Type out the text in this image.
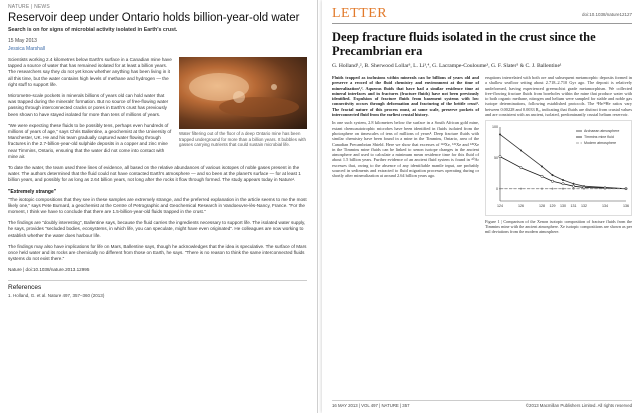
NATURE | NEWS
Reservoir deep under Ontario holds billion-year-old water
Search is on for signs of microbial activity isolated in Earth's crust.
15 May 2013
Jessica Marshall
Water filtering out of the floor of a deep Ontario mine has been trapped underground for more than a billion years. It bubbles with gasses carrying nutrients that could sustain microbial life.

Scientists working 2.4 kilometres below Earth's surface in a Canadian mine have tapped a source of water that has remained isolated for at least a billion years. The researchers say they do not yet know whether anything has been living in it all this time, but the water contains high levels of methane and hydrogen — the right stuff to support life.

Micrometre-scale pockets in minerals billions of years old can hold water that was trapped during the minerals' formation. But no source of free-flowing water passing through interconnected cracks or pores in Earth's crust has previously been shown to have stayed isolated for more than tens of millions of years.

"We were expecting these fluids to be possibly tens, perhaps even hundreds of millions of years of age," says Chris Ballentine, a geochemist at the University of Manchester, UK. He and his team gradually captured water flowing through fractures in the 2.7-billion-year-old sulphide deposits in a copper and zinc mine near Timmins, Ontario, ensuring that the water did not come into contact with mine air.

To date the water, the team used three lines of evidence, all based on the relative abundances of various isotopes of noble gases present in the water. The authors determined that the fluid could not have contacted Earth's atmosphere — and so been at the planet's surface — for at least 1 billion years, and possibly for as long as 2.64 billion years, not long after the rocks it flow through formed. The study appears today in Nature¹.

"Extremely strange"

"The isotopic compositions that they see in these samples are extremely strange, and the preferred explanation in the article seems to me the most likely one," says Pete Burnard, a geochemist at the Centre of Petrographic and Geochemical Research in Vandoeuvre-lès-Nancy, France. "For the moment, I think we have to conclude that there are 1.5-billion-year-old fluids trapped in the crust."

The findings are "doubly interesting", Ballentine says, because the fluid carries the ingredients necessary to support life. The isolated water supply, he says, provides "secluded bodies, ecosystems, in which life, you can speculate, might have even originated". He colleagues are now working to establish whether the water does harbour life.

The findings may also have implications for life on Mars, Ballentine says, though he acknowledges that the idea is speculative. The surface of Mars once held water and its rocks are chemically no different from those on Earth, he says. "There is no reason to think the same interconnected fluids systems do not exist there."

Nature | doi:10.1038/nature.2013.12995
References
1. Holland, G. et al. Nature 497, 357–360 (2013)
LETTER	doi:10.1038/nature12127
Deep fracture fluids isolated in the crust since the Precambrian era
G. Holland¹,², B. Sherwood Lollar³, L. Li³,⁴, G. Lacrampe-Couloume³, G. F. Slater⁵ & C. J. Ballentine¹

Fluids trapped as inclusions within minerals can be billions of years old and preserve a record of the fluid chemistry and environment at the time of mineralization¹,². Aqueous fluids that have had a similar residence time at mineral interfaces and in fractures (fracture fluids) have not been previously identified. Expulsion of fracture fluids from basement systems with low connectivity occurs through deformation and fracturing of the brittle crust³. The fractal nature of this process must, at some scale, preserve pockets of interconnected fluid from the earliest crustal history.

In one such system, 2.8 kilometres below the surface in a South African gold mine, extant chemoautotrophic microbes have been identified in fluids isolated from the photosphere on timescales of tens of millions of years⁴. Deep fracture fluids with similar chemistry have been found in a mine in the Timmins, Ontario, area of the Canadian Precambrian Shield. Here we show that excesses of ¹²⁴Xe, ¹²⁶Xe and ¹²⁸Xe in the Timmins mine fluids can be linked to xenon isotope changes in the ancient atmosphere and used to calculate a minimum mean residence time for this fluid of about 1.5 billion years. Further evidence of an ancient fluid system is found in ⁴⁰Ar excesses that, owing to the absence of any identifiable mantle input, are probably sourced in sediments and extracted to fluid migration processes operating during or shortly after mineralization at around 2.64 billion years ago.

eruptions interrelated with both ore and subsequent metamorphic deposits formed in a shallow seafloor setting about 2.718–2.710 Gyr ago. The deposit is relatively undeformed, having experienced greenschist grade metamorphism. We collected free-flowing fracture fluids from boreholes within the mine that produce water with to both organic methane, nitrogen and helium were sampled for stable and noble gas isotope determinations, following established protocols. The ³He/⁴He ratios vary between 0.00228 and 0.0033 Rₐ, indicating that fluids are distinct from crustal values and are consistent with an ancient, isolated, predominantly crustal helium reservoir.

124	126	128 129 130 131 132	134	136
0
50
100
Archaean atmosphere
Timmins mine fluid
Modern atmosphere
Figure 1 | Comparison of the Xenon isotopic composition of fracture fluids from the Timmins mine with the ancient atmosphere. Xe isotopic compositions are shown as per mil deviations from the modern atmosphere.
16 MAY 2013 | VOL 497 | NATURE | 357	©2013 Macmillan Publishers Limited. All rights reserved
